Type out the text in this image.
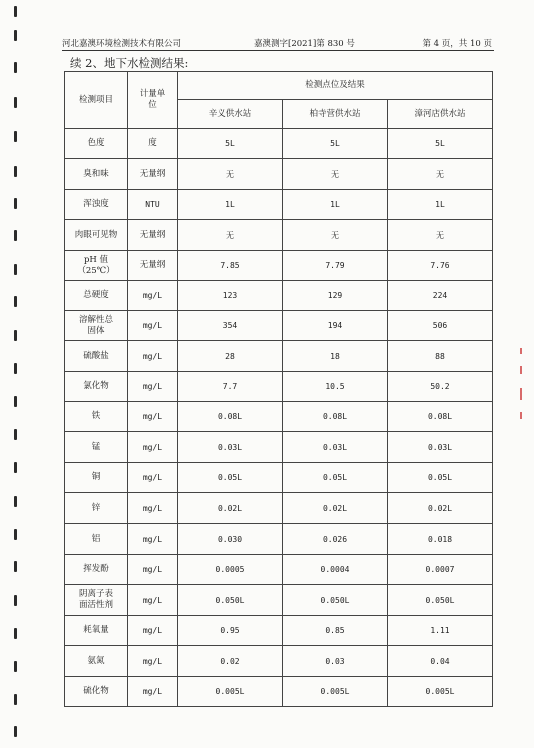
河北嘉澳环境检测技术有限公司	嘉澳测字[2021]第 830 号	第 4 页，共 10 页
续 2、地下水检测结果:
检测项目	计量单位	检测点位及结果		
		辛义供水站	柏寺营供水站	漳河店供水站
色度	度	5L	5L	5L
臭和味	无量纲	无	无	无
浑浊度	NTU	1L	1L	1L
肉眼可见物	无量纲	无	无	无

pH 值（25℃）	无量纲	7.85	7.79	7.76
总硬度	mg/L	123	129	224

溶解性总固体	mg/L	354	194	506
硫酸盐	mg/L	28	18	88
氯化物	mg/L	7.7	10.5	50.2
铁	mg/L	0.08L	0.08L	0.08L
锰	mg/L	0.03L	0.03L	0.03L
铜	mg/L	0.05L	0.05L	0.05L
锌	mg/L	0.02L	0.02L	0.02L
铝	mg/L	0.030	0.026	0.018
挥发酚	mg/L	0.0005	0.0004	0.0007

阴离子表面活性剂	mg/L	0.050L	0.050L	0.050L
耗氧量	mg/L	0.95	0.85	1.11
氨氮	mg/L	0.02	0.03	0.04
硫化物	mg/L	0.005L	0.005L	0.005L
